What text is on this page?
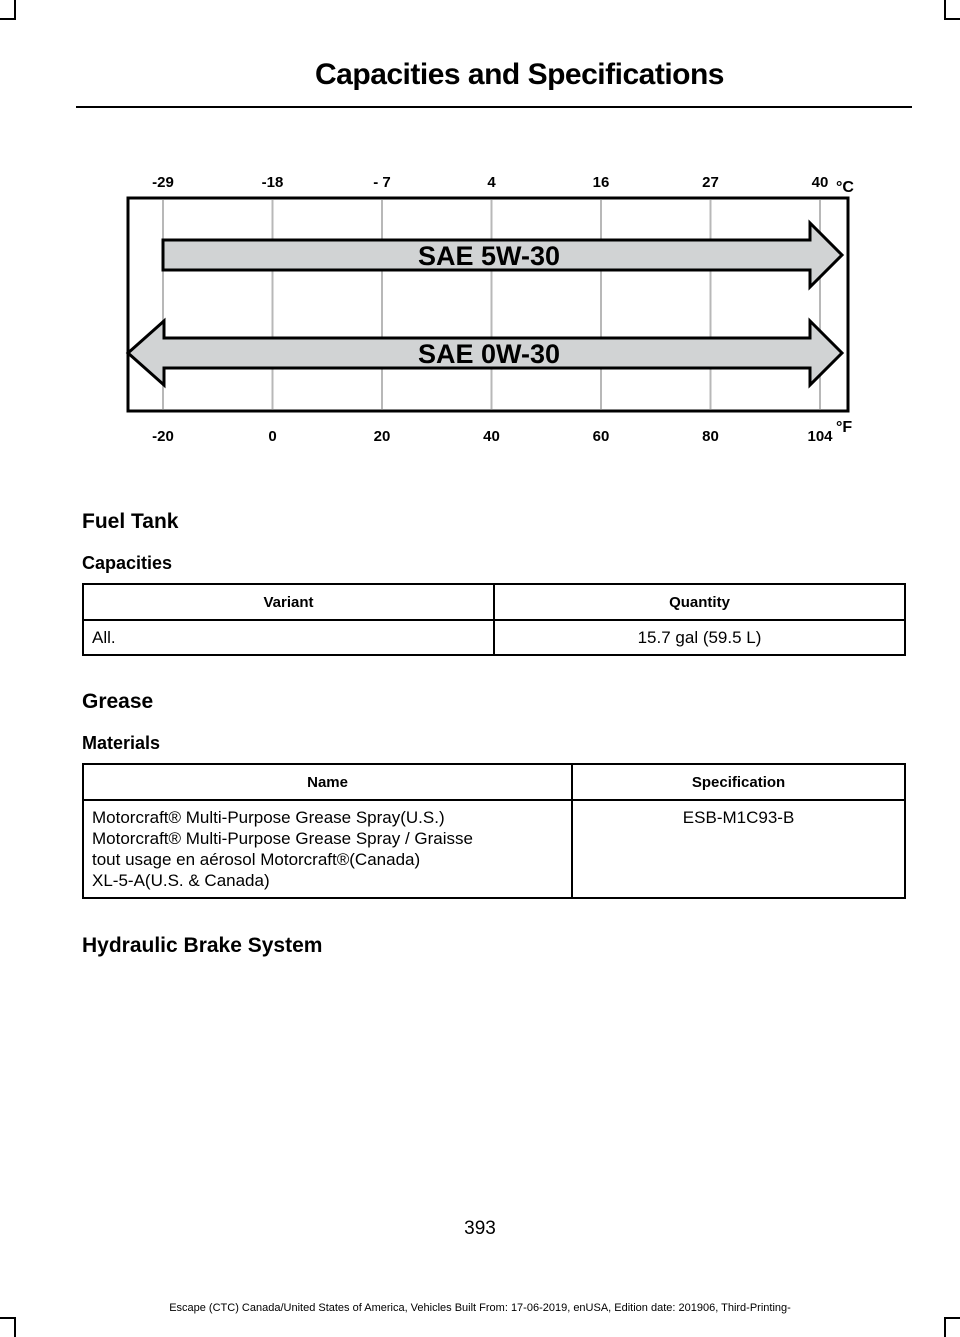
Capacities and Specifications
-29	-18	- 7	4	16	27	40 °C
SAE 5W-30
SAE 0W-30
-20	0	20	40	60	80	104
°F
Fuel Tank
Capacities
Variant	Quantity
All.	15.7 gal (59.5 L)
Grease
Materials
Name	Specification

Motorcraft® Multi-Purpose Grease Spray(U.S.)
Motorcraft® Multi-Purpose Grease Spray / Graisse
tout usage en aérosol Motorcraft®(Canada)
XL-5-A(U.S. & Canada)	ESB-M1C93-B
Hydraulic Brake System
393
Escape (CTC) Canada/United States of America, Vehicles Built From: 17-06-2019, enUSA, Edition date: 201906, Third-Printing-
